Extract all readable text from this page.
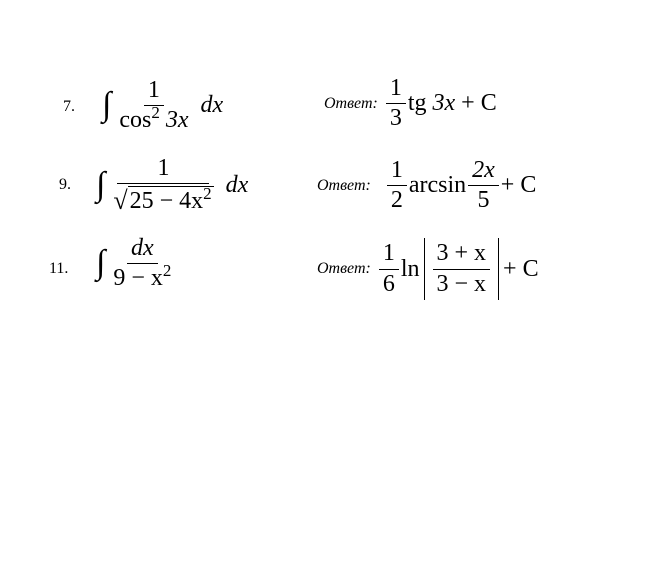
7. ∫ $\frac{1}{\cos^2 3x}$ dx	Ответ: $\frac{1}{3}$ tg 3x + C
9. ∫ $\frac{1}{√ 25 - 4x^2}$ dx	Ответ: $\frac{1}{2}$ $\arcsin \frac{2x}{5} + C$
11. ∫ $\frac{dx}{9 - x^2}$	Ответ: $\frac{1}{6}$ $\ln \frac{3 + x}{3 - x} + C$
